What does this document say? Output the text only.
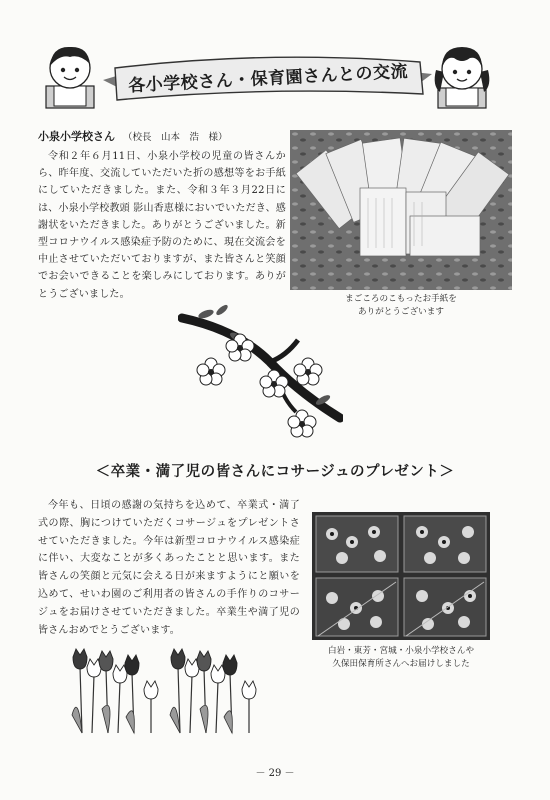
各小学校さん・保育園さんとの交流
小泉小学校さん （校長　山本　浩　様）

令和２年６月11日、小泉小学校の児童の皆さんから、昨年度、交流していただいた折の感想等をお手紙にしていただきました。また、令和３年３月22日には、小泉小学校教頭 影山香恵様においでいただき、感謝状をいただきました。ありがとうございました。新型コロナウイルス感染症予防のために、現在交流会を中止させていただいておりますが、また皆さんと笑顔でお会いできることを楽しみにしております。ありがとうございました。	まごころのこもったお手紙を
ありがとうございます
＜卒業・満了児の皆さんにコサージュのプレゼント＞

今年も、日頃の感謝の気持ちを込めて、卒業式・満了式の際、胸につけていただくコサージュをプレゼントさせていただきました。今年は新型コロナウイルス感染症に伴い、大変なことが多くあったことと思います。また皆さんの笑顔と元気に会える日が来ますようにと願いを込めて、せいわ園のご利用者の皆さんの手作りのコサージュをお届けさせていただきました。卒業生や満了児の皆さんおめでとうございます。

白岩・東芳・宮城・小泉小学校さんや
久保田保育所さんへお届けしました
－ 29 －
